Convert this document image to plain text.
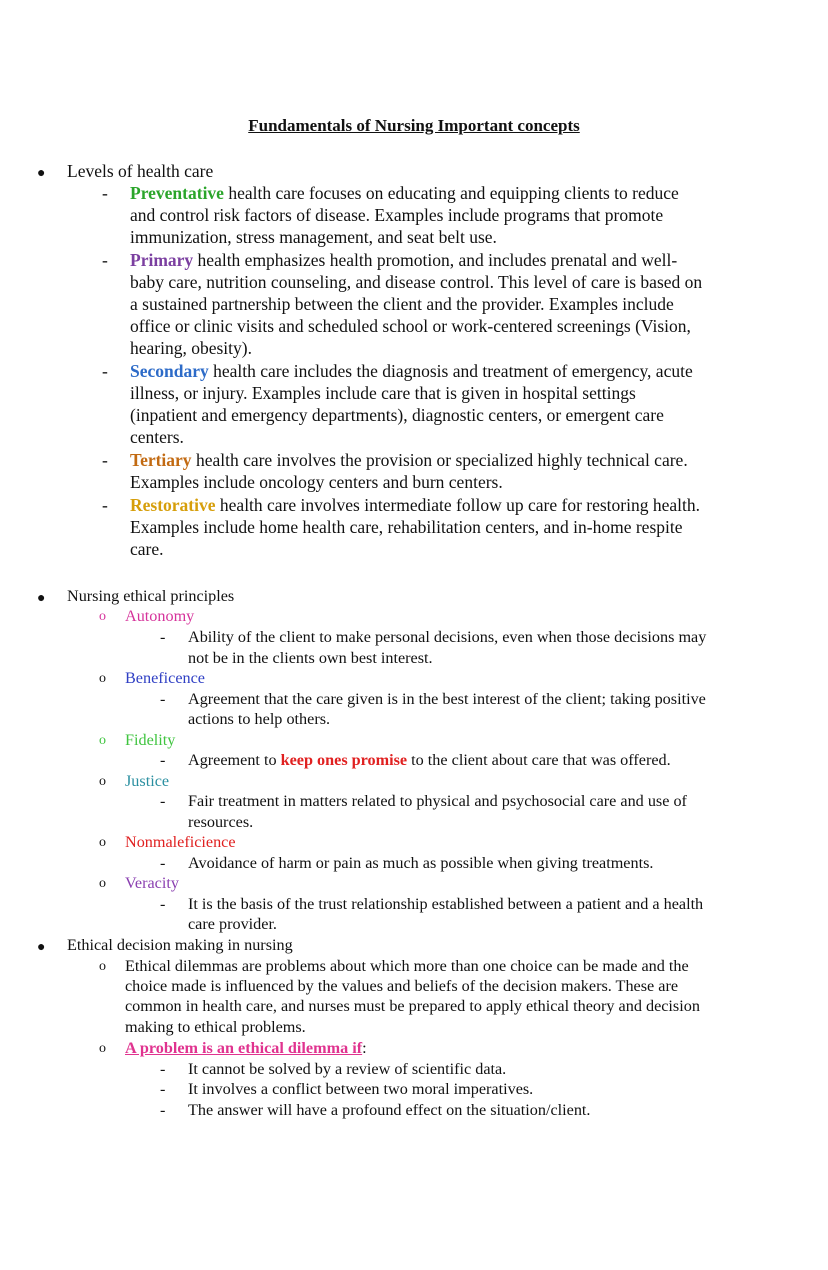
Fundamentals of Nursing Important concepts
● Levels of health care
- Preventative health care focuses on educating and equipping clients to reduce
and control risk factors of disease. Examples include programs that promote
immunization, stress management, and seat belt use.
- Primary health emphasizes health promotion, and includes prenatal and well-
baby care, nutrition counseling, and disease control. This level of care is based on
a sustained partnership between the client and the provider. Examples include
office or clinic visits and scheduled school or work-centered screenings (Vision,
hearing, obesity).
- Secondary health care includes the diagnosis and treatment of emergency, acute
illness, or injury. Examples include care that is given in hospital settings
(inpatient and emergency departments), diagnostic centers, or emergent care
centers.
- Tertiary health care involves the provision or specialized highly technical care.
Examples include oncology centers and burn centers.
- Restorative health care involves intermediate follow up care for restoring health.
Examples include home health care, rehabilitation centers, and in-home respite
care.
● Nursing ethical principles
o Autonomy
- Ability of the client to make personal decisions, even when those decisions may
not be in the clients own best interest.
o Beneficence
- Agreement that the care given is in the best interest of the client; taking positive
actions to help others.
o Fidelity
- Agreement to keep ones promise to the client about care that was offered.
o Justice
- Fair treatment in matters related to physical and psychosocial care and use of
resources.
o Nonmaleficience
- Avoidance of harm or pain as much as possible when giving treatments.
o Veracity
- It is the basis of the trust relationship established between a patient and a health
care provider.
● Ethical decision making in nursing
o Ethical dilemmas are problems about which more than one choice can be made and the
choice made is influenced by the values and beliefs of the decision makers. These are
common in health care, and nurses must be prepared to apply ethical theory and decision
making to ethical problems.
o A problem is an ethical dilemma if:
- It cannot be solved by a review of scientific data.
- It involves a conflict between two moral imperatives.
- The answer will have a profound effect on the situation/client.
